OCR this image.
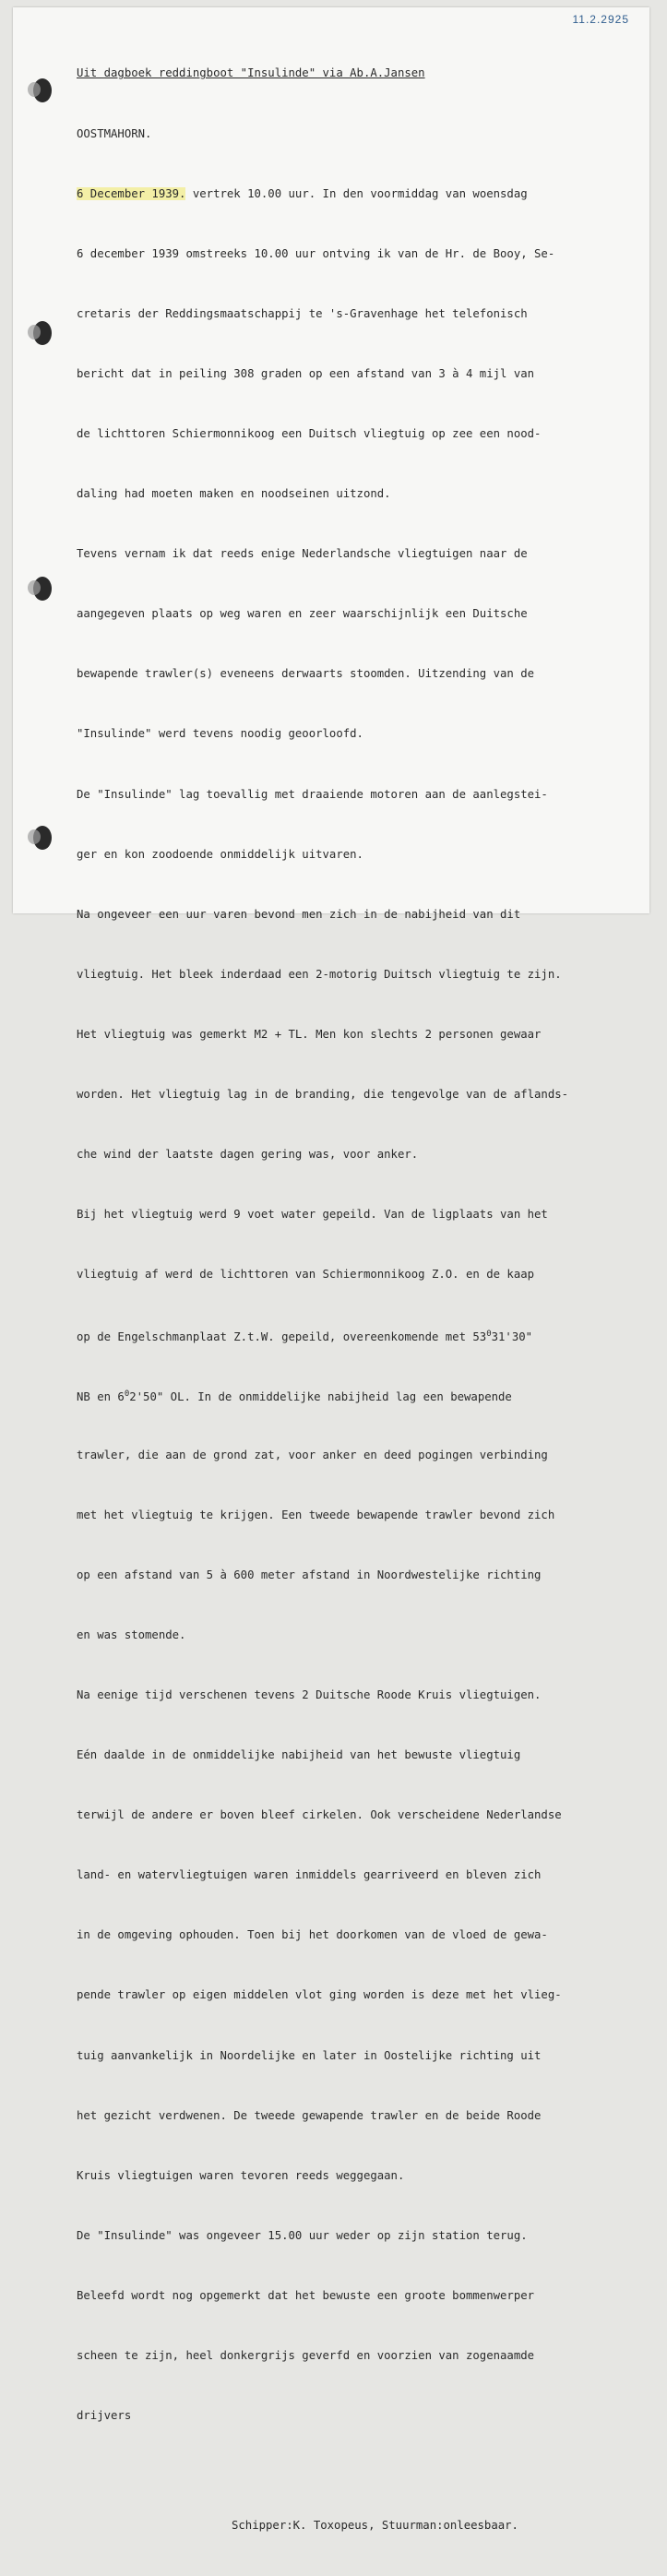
11.2.2925

Uit dagboek reddingboot "Insulinde" via Ab.A.Jansen

OOSTMAHORN.

6 December 1939. vertrek 10.00 uur. In den voormiddag van woensdag

6 december 1939 omstreeks 10.00 uur ontving ik van de Hr. de Booy, Se-

cretaris der Reddingsmaatschappij te 's-Gravenhage het telefonisch

bericht dat in peiling 308 graden op een afstand van 3 à 4 mijl van

de lichttoren Schiermonnikoog een Duitsch vliegtuig op zee een nood-

daling had moeten maken en noodseinen uitzond.

Tevens vernam ik dat reeds enige Nederlandsche vliegtuigen naar de

aangegeven plaats op weg waren en zeer waarschijnlijk een Duitsche

bewapende trawler(s) eveneens derwaarts stoomden. Uitzending van de

"Insulinde" werd tevens noodig geoorloofd.

De "Insulinde" lag toevallig met draaiende motoren aan de aanlegstei-

ger en kon zoodoende onmiddelijk uitvaren.

Na ongeveer een uur varen bevond men zich in de nabijheid van dit

vliegtuig. Het bleek inderdaad een 2-motorig Duitsch vliegtuig te zijn.

Het vliegtuig was gemerkt M2 + TL. Men kon slechts 2 personen gewaar

worden. Het vliegtuig lag in de branding, die tengevolge van de aflands-

che wind der laatste dagen gering was, voor anker.

Bij het vliegtuig werd 9 voet water gepeild. Van de ligplaats van het

vliegtuig af werd de lichttoren van Schiermonnikoog Z.O. en de kaap

op de Engelschmanplaat Z.t.W. gepeild, overeenkomende met $53^031'30$"

NB en $6^02'50$" OL. In de onmiddelijke nabijheid lag een bewapende

trawler, die aan de grond zat, voor anker en deed pogingen verbinding

met het vliegtuig te krijgen. Een tweede bewapende trawler bevond zich

op een afstand van 5 à 600 meter afstand in Noordwestelijke richting

en was stomende.

Na eenige tijd verschenen tevens 2 Duitsche Roode Kruis vliegtuigen.

Eén daalde in de onmiddelijke nabijheid van het bewuste vliegtuig

terwijl de andere er boven bleef cirkelen. Ook verscheidene Nederlandse

land- en watervliegtuigen waren inmiddels gearriveerd en bleven zich

in de omgeving ophouden. Toen bij het doorkomen van de vloed de gewa-

pende trawler op eigen middelen vlot ging worden is deze met het vlieg-

tuig aanvankelijk in Noordelijke en later in Oostelijke richting uit

het gezicht verdwenen. De tweede gewapende trawler en de beide Roode

Kruis vliegtuigen waren tevoren reeds weggegaan.

De "Insulinde" was ongeveer 15.00 uur weder op zijn station terug.

Beleefd wordt nog opgemerkt dat het bewuste een groote bommenwerper

scheen te zijn, heel donkergrijs geverfd en voorzien van zogenaamde

drijvers

Schipper:K. Toxopeus, Stuurman:onleesbaar.
